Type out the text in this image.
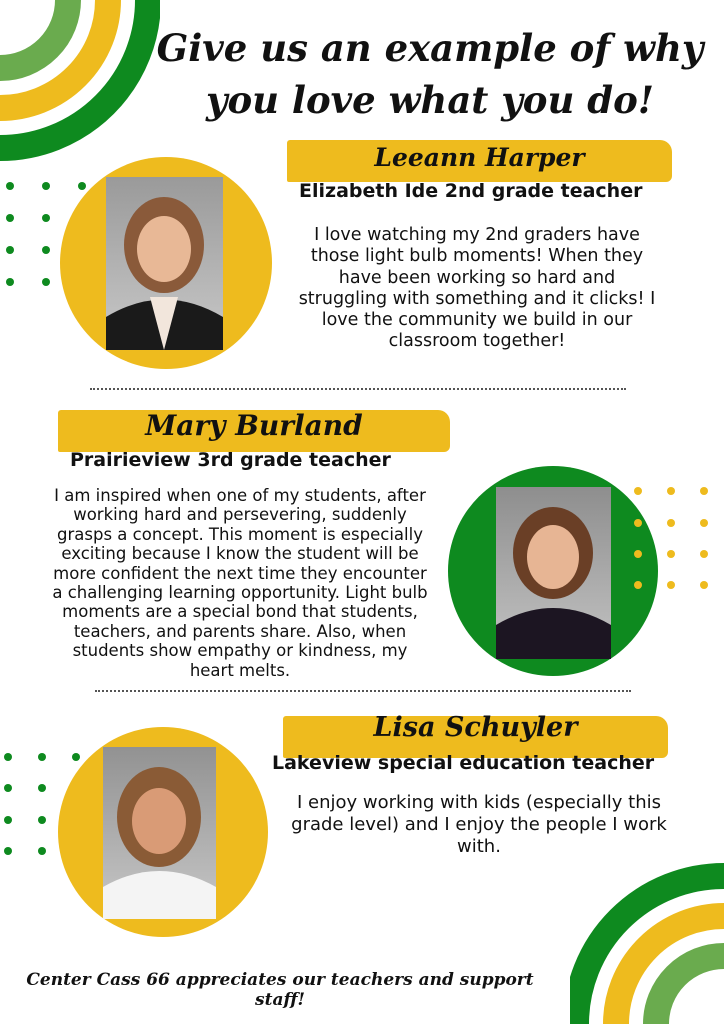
Give us an example of why
you love what you do!
Leeann Harper
Elizabeth Ide 2nd grade teacher
I love watching my 2nd graders have those light bulb moments! When they have been working so hard and struggling with something and it clicks! I love the community we build in our classroom together!
Mary Burland
Prairieview 3rd grade teacher
I am inspired when one of my students, after working hard and persevering, suddenly grasps a concept. This moment is especially exciting because I know the student will be more confident the next time they encounter a challenging learning opportunity. Light bulb moments are a special bond that students, teachers, and parents share. Also, when students show empathy or kindness, my heart melts.
Lisa Schuyler
Lakeview special education teacher
I enjoy working with kids (especially this grade level) and I enjoy the people I work with.
Center Cass 66 appreciates our teachers and support staff!
